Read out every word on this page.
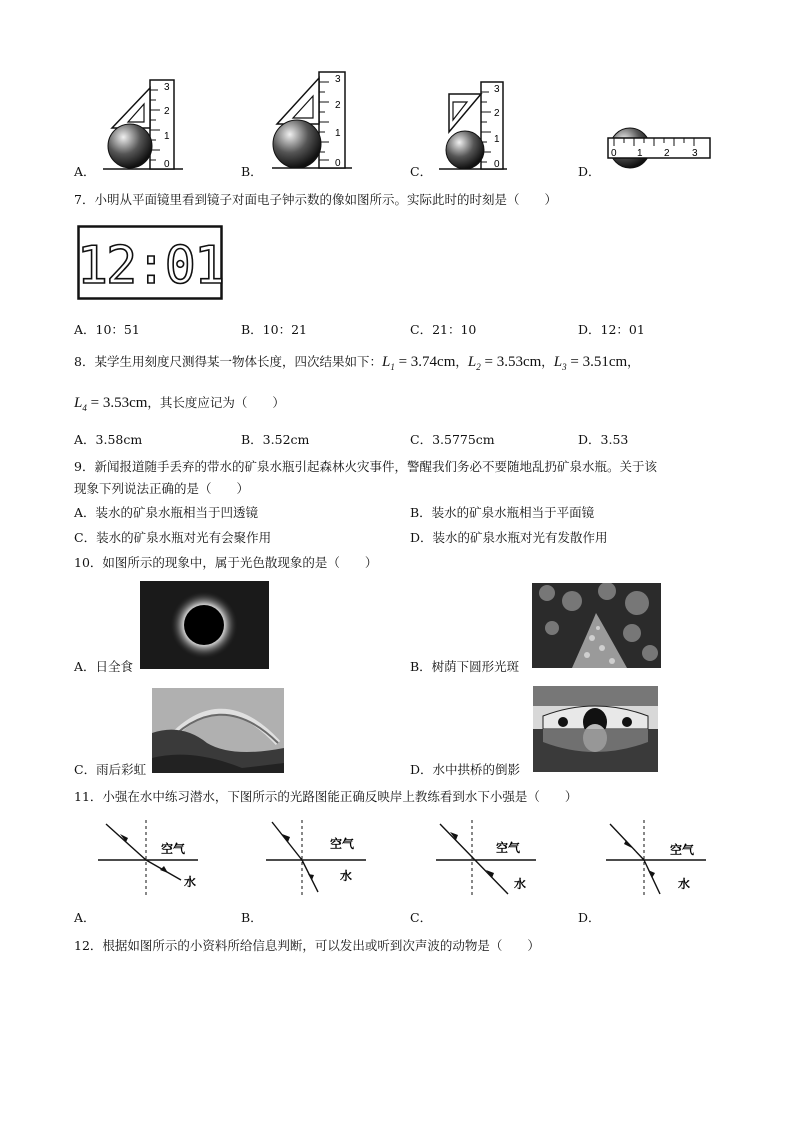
A．	B．	C．	D．
0
1
2
3
0
1
2
3
0
1
2
3
0 1 2 3
7．小明从平面镜里看到镜子对面电子钟示数的像如图所示。实际此时的时刻是（　　）
12:01
A．10：51	B．10：21	C．21：10	D．12：01
8．某学生用刻度尺测得某一物体长度，四次结果如下：$L_1 = 3.74cm$，$L_2 = 3.53cm$，$L_3 = 3.51cm$，
$L_4 = 3.53cm$，其长度应记为（　　）
A．3.58cm	B．3.52cm	C．3.5775cm	D．3.53
9．新闻报道随手丢弃的带水的矿泉水瓶引起森林火灾事件，警醒我们务必不要随地乱扔矿泉水瓶。关于该
现象下列说法正确的是（　　）
A．装水的矿泉水瓶相当于凹透镜	B．装水的矿泉水瓶相当于平面镜
C．装水的矿泉水瓶对光有会聚作用	D．装水的矿泉水瓶对光有发散作用
10．如图所示的现象中，属于光色散现象的是（　　）
A．日全食	B．树荫下圆形光斑
C．雨后彩虹	D．水中拱桥的倒影
11．小强在水中练习潜水，下图所示的光路图能正确反映岸上教练看到水下小强是（　　）
空气
水
A．
空气
水
B．
空气
水
C．
空气
水
D．
12．根据如图所示的小资料所给信息判断，可以发出或听到次声波的动物是（　　）
